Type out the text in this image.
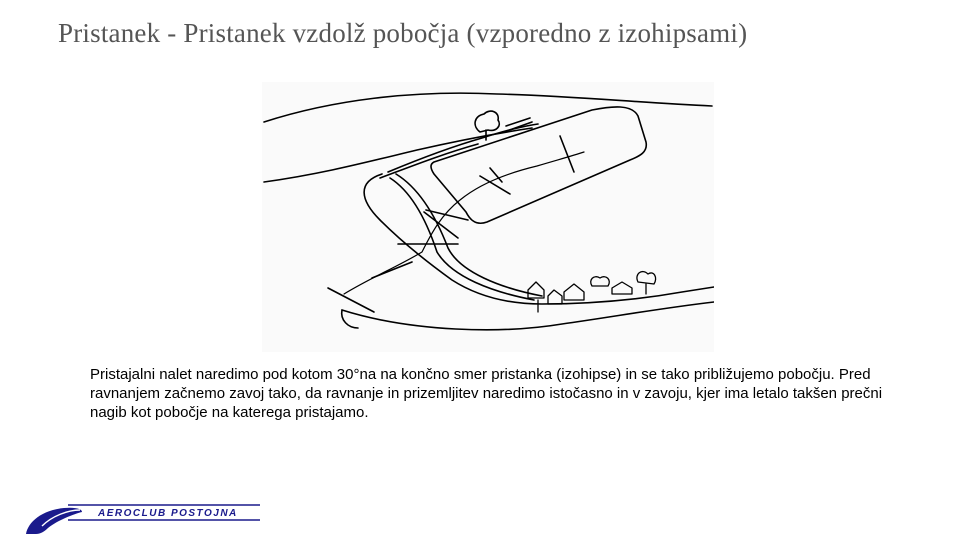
Pristanek - Pristanek vzdolž pobočja (vzporedno z izohipsami)
Pristajalni nalet naredimo pod kotom 30°na na končno smer pristanka (izohipse) in se tako približujemo pobočju. Pred ravnanjem začnemo zavoj tako, da ravnanje in prizemljitev naredimo istočasno in v zavoju, kjer ima letalo takšen prečni nagib kot pobočje na katerega pristajamo.
AEROCLUB POSTOJNA
